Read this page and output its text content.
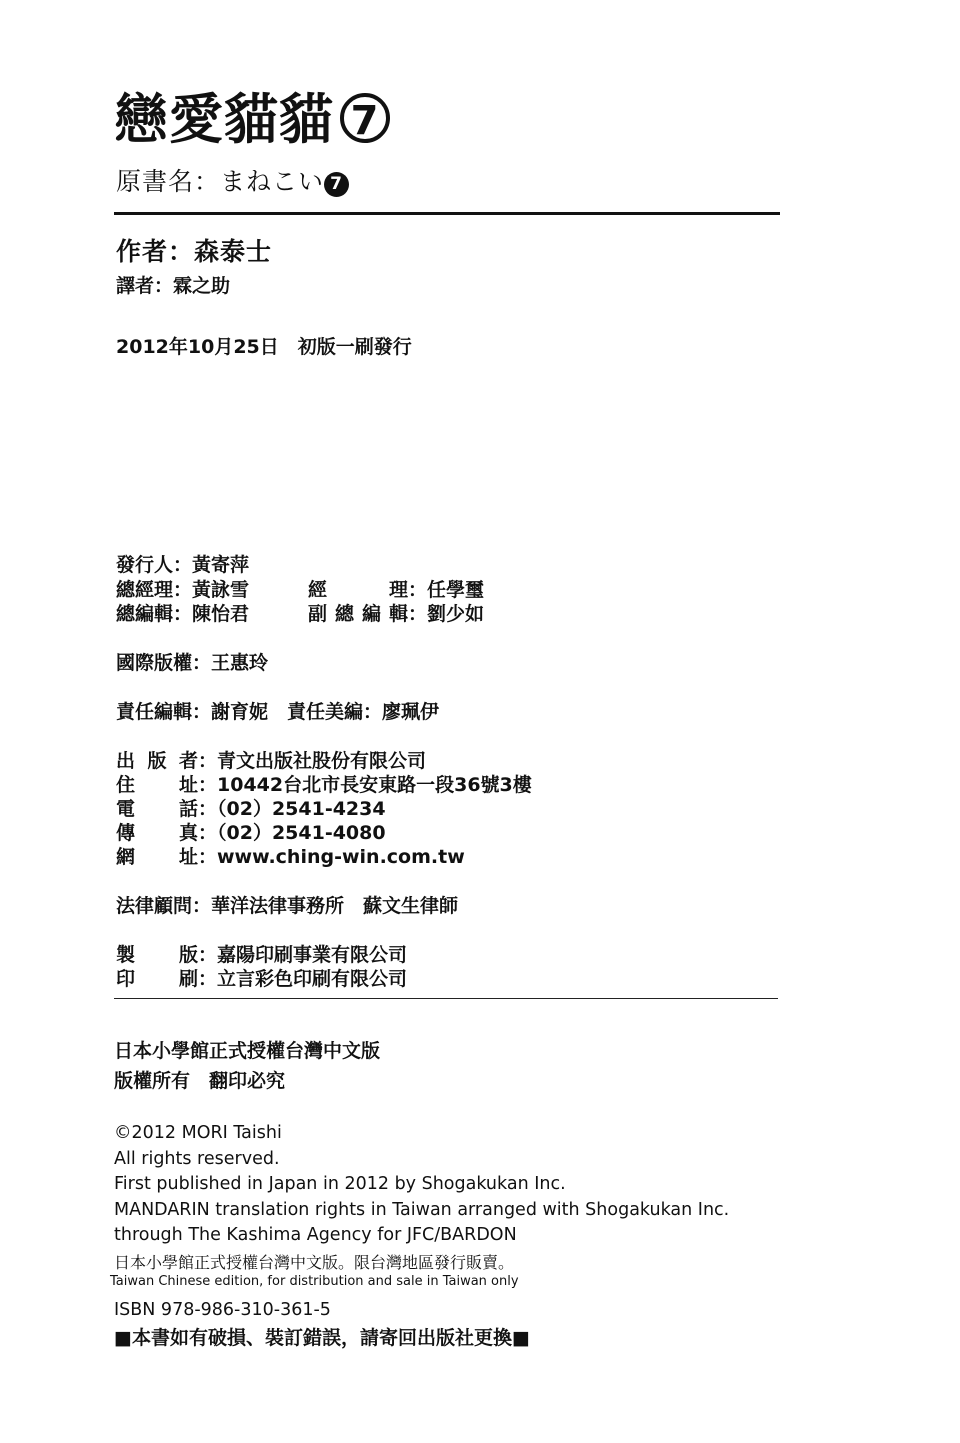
戀愛貓貓 7
原書名：まねこい 7
作者：森泰士
譯者：霖之助
2012年10月25日　初版一刷發行
發行人：黃寄萍
總經理：黃詠雪	經理：任學璽
總編輯：陳怡君	副總編輯：劉少如
國際版權：王惠玲
責任編輯：謝育妮　責任美編：廖珮伊
出版者：青文出版社股份有限公司
住址：10442台北市長安東路一段36號3樓
電話：（02）2541-4234
傳真：（02）2541-4080
網址：www.ching-win.com.tw
法律顧問：華洋法律事務所　蘇文生律師
製版：嘉陽印刷事業有限公司
印刷：立言彩色印刷有限公司
日本小學館正式授權台灣中文版
版權所有　翻印必究
©2012 MORI Taishi
All rights reserved.
First published in Japan in 2012 by Shogakukan Inc.
MANDARIN translation rights in Taiwan arranged with Shogakukan Inc.
through The Kashima Agency for JFC/BARDON
日本小學館正式授權台灣中文版。限台灣地區發行販賣。
Taiwan Chinese edition, for distribution and sale in Taiwan only
ISBN 978-986-310-361-5
■本書如有破損、裝訂錯誤，請寄回出版社更換■
